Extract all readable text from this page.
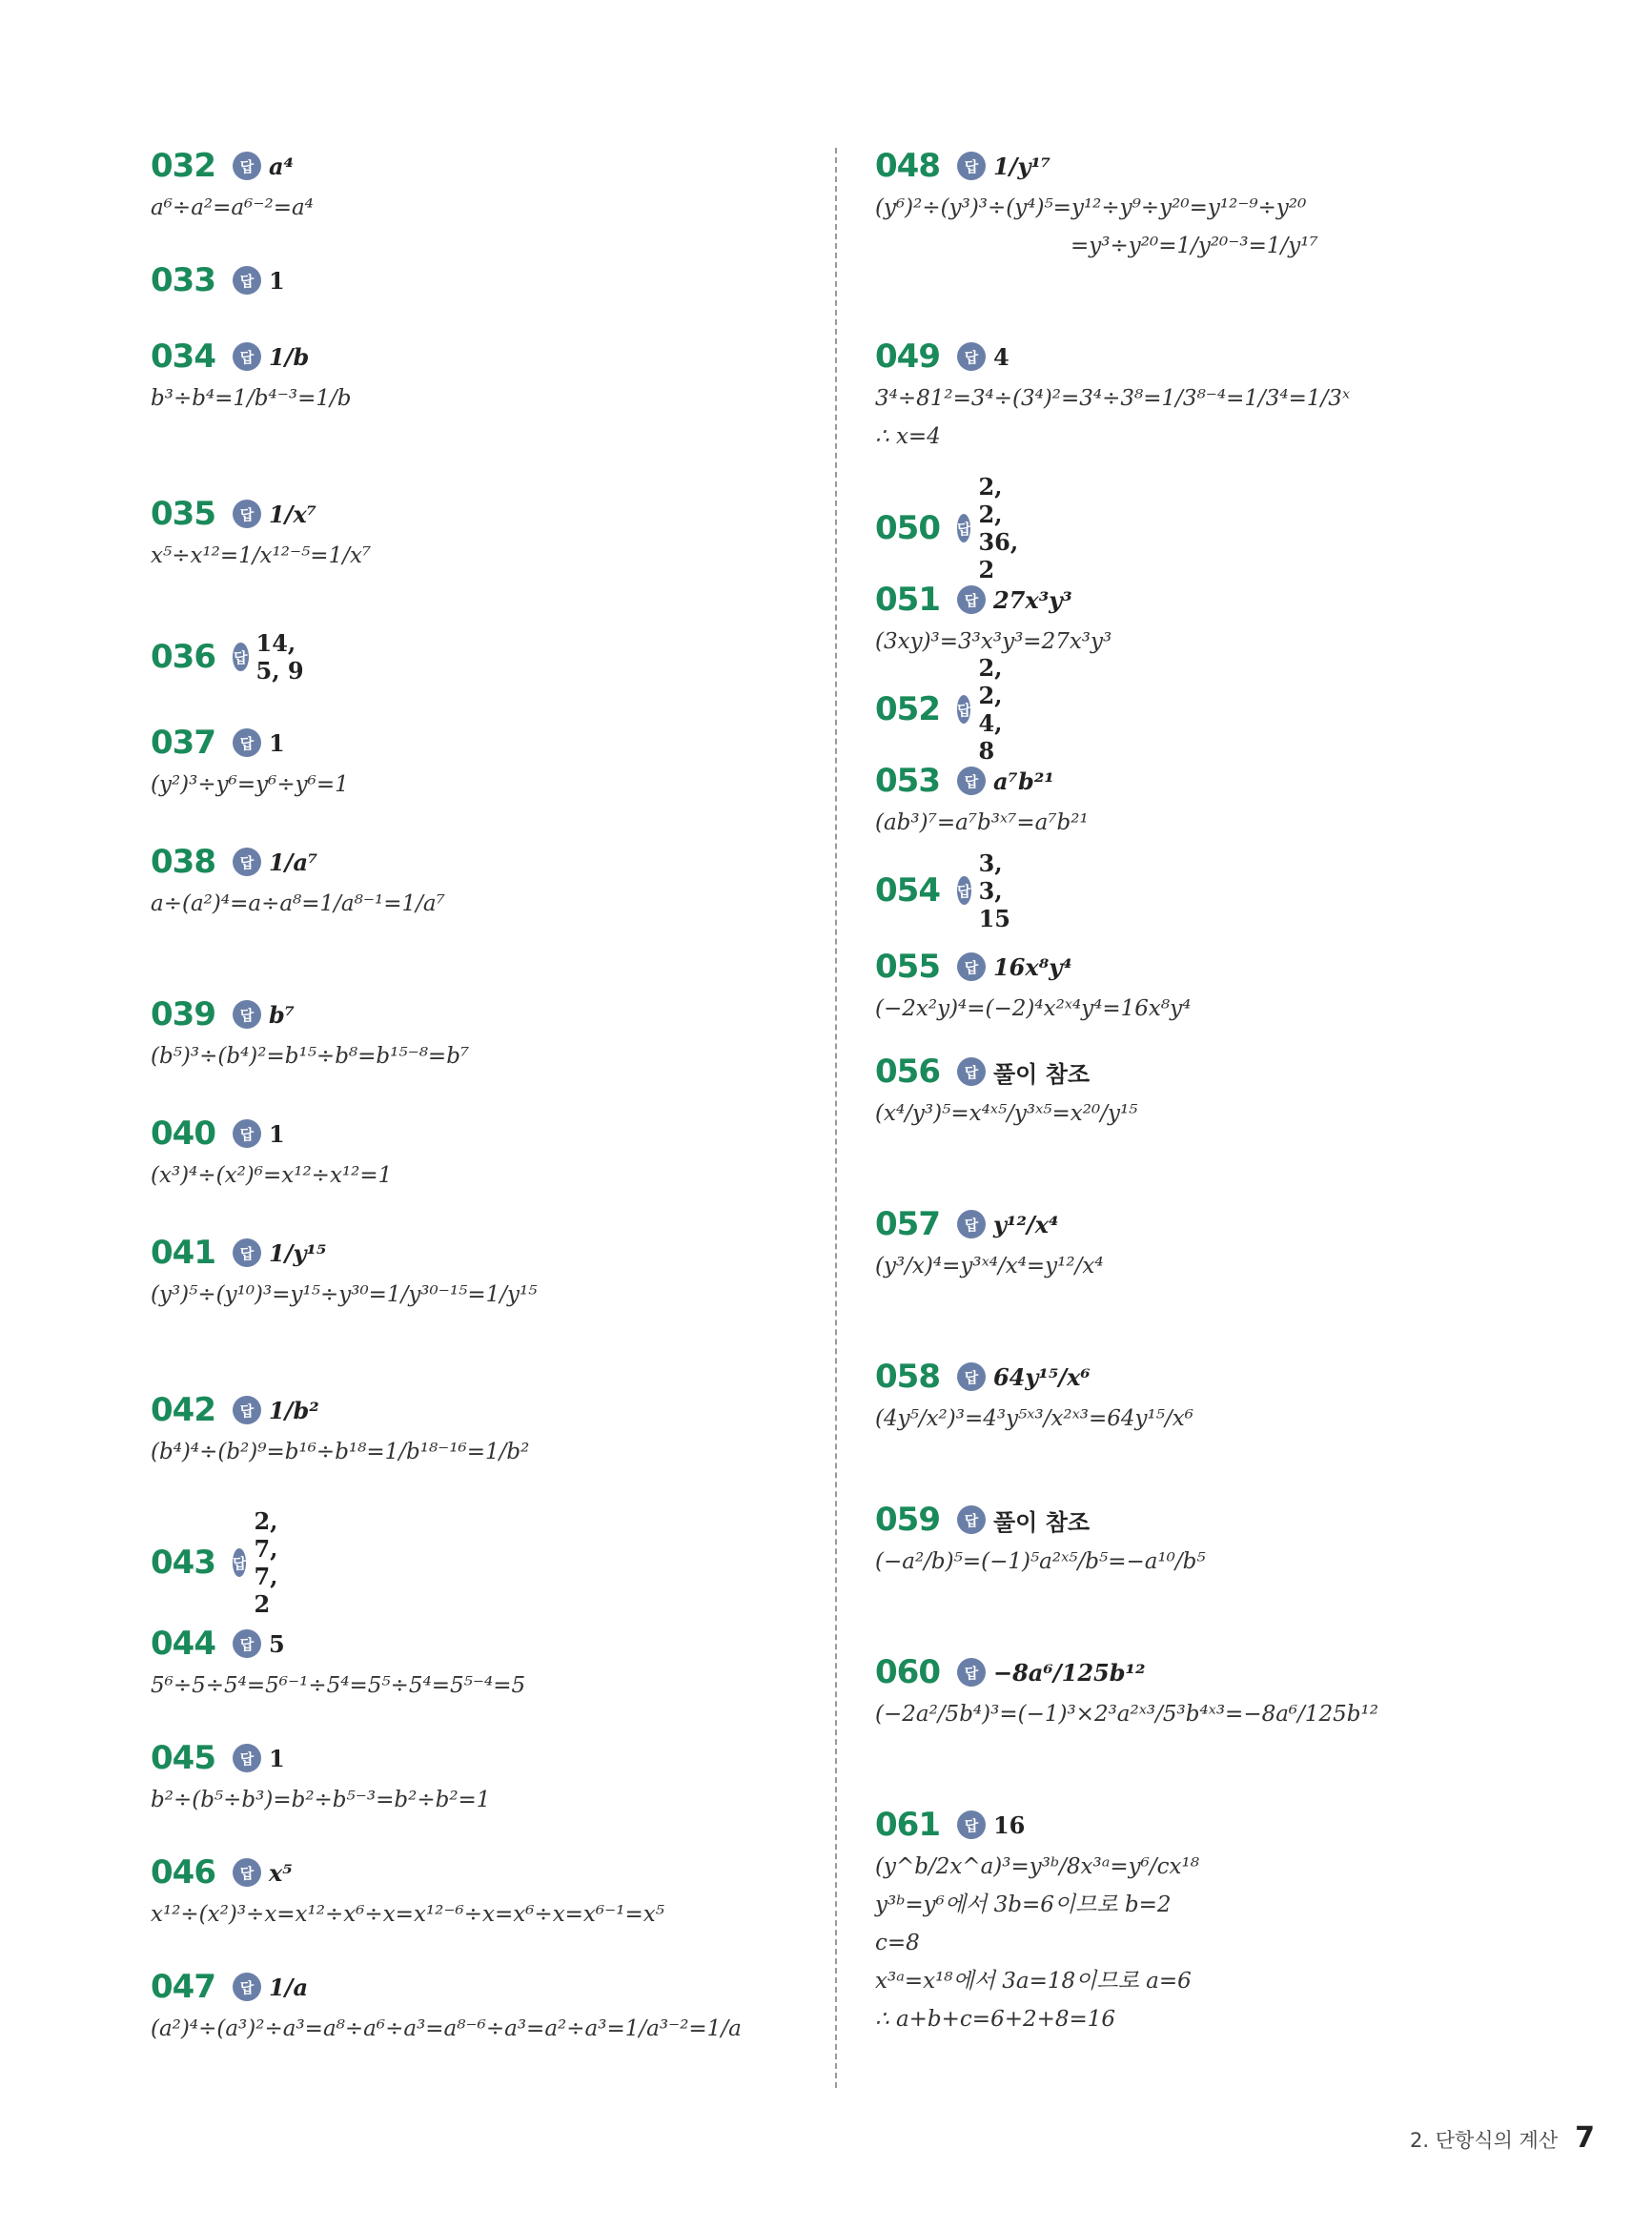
032	답 a⁴
a⁶÷a²=a⁶⁻²=a⁴
033	답 1
034	답 1/b
b³÷b⁴=1/b⁴⁻³=1/b
035	답 1/x⁷
x⁵÷x¹²=1/x¹²⁻⁵=1/x⁷
036 답
14, 5, 9
037	답 1
(y²)³÷y⁶=y⁶÷y⁶=1
038	답 1/a⁷
a÷(a²)⁴=a÷a⁸=1/a⁸⁻¹=1/a⁷
039	답 b⁷
(b⁵)³÷(b⁴)²=b¹⁵÷b⁸=b¹⁵⁻⁸=b⁷
040	답 1
(x³)⁴÷(x²)⁶=x¹²÷x¹²=1
041	답 1/y¹⁵
(y³)⁵÷(y¹⁰)³=y¹⁵÷y³⁰=1/y³⁰⁻¹⁵=1/y¹⁵
042	답 1/b²
(b⁴)⁴÷(b²)⁹=b¹⁶÷b¹⁸=1/b¹⁸⁻¹⁶=1/b²
043 답
2, 7, 7, 2
044	답 5
5⁶÷5÷5⁴=5⁶⁻¹÷5⁴=5⁵÷5⁴=5⁵⁻⁴=5
045	답 1
b²÷(b⁵÷b³)=b²÷b⁵⁻³=b²÷b²=1
046	답 x⁵
x¹²÷(x²)³÷x=x¹²÷x⁶÷x=x¹²⁻⁶÷x=x⁶÷x=x⁶⁻¹=x⁵
047	답 1/a
(a²)⁴÷(a³)²÷a³=a⁸÷a⁶÷a³=a⁸⁻⁶÷a³=a²÷a³=1/a³⁻²=1/a
048	답 1/y¹⁷
(y⁶)²÷(y³)³÷(y⁴)⁵=y¹²÷y⁹÷y²⁰=y¹²⁻⁹÷y²⁰
=y³÷y²⁰=1/y²⁰⁻³=1/y¹⁷
049	답 4
3⁴÷81²=3⁴÷(3⁴)²=3⁴÷3⁸=1/3⁸⁻⁴=1/3⁴=1/3ˣ
∴ x=4
050 답
2, 2, 36, 2
051	답 27x³y³
(3xy)³=3³x³y³=27x³y³
052 답
2, 2, 4, 8
053	답 a⁷b²¹
(ab³)⁷=a⁷b³ˣ⁷=a⁷b²¹
054 답
3, 3, 15
055	답 16x⁸y⁴
(−2x²y)⁴=(−2)⁴x²ˣ⁴y⁴=16x⁸y⁴
056	답 풀이 참조
(x⁴/y³)⁵=x⁴ˣ⁵/y³ˣ⁵=x²⁰/y¹⁵
057	답 y¹²/x⁴
(y³/x)⁴=y³ˣ⁴/x⁴=y¹²/x⁴
058	답 64y¹⁵/x⁶
(4y⁵/x²)³=4³y⁵ˣ³/x²ˣ³=64y¹⁵/x⁶
059	답 풀이 참조
(−a²/b)⁵=(−1)⁵a²ˣ⁵/b⁵=−a¹⁰/b⁵
060	답 −8a⁶/125b¹²
(−2a²/5b⁴)³=(−1)³×2³a²ˣ³/5³b⁴ˣ³=−8a⁶/125b¹²
061	답 16
(y^b/2x^a)³=y³ᵇ/8x³ᵃ=y⁶/cx¹⁸
y³ᵇ=y⁶에서 3b=6이므로 b=2
c=8
x³ᵃ=x¹⁸에서 3a=18이므로 a=6
∴ a+b+c=6+2+8=16
2. 단항식의 계산 7
